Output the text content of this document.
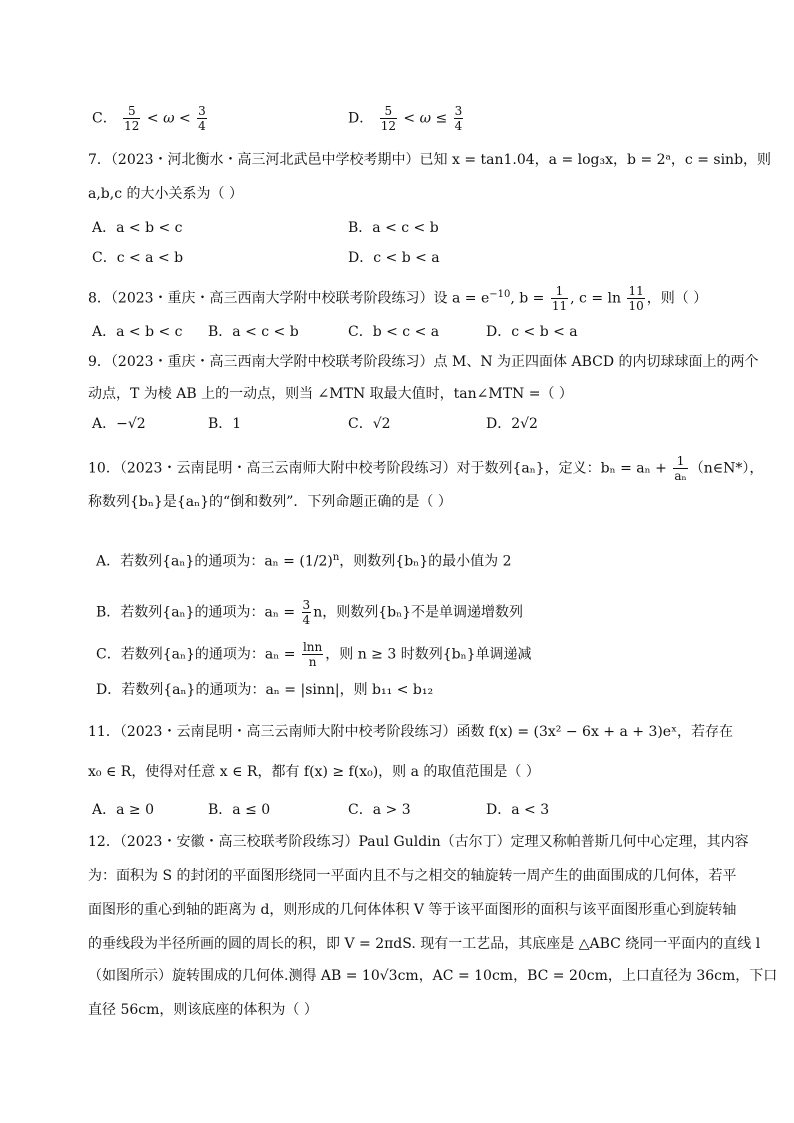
C． $\frac{5}{12} < \omega < \frac{3}{4}$	D． $\frac{5}{12} < \omega \le \frac{3}{4}$
7．（2023・河北衡水・高三河北武邑中学校考期中）已知 x = tan1.04，a = log₃x，b = 2ᵃ，c = sinb，则
a,b,c 的大小关系为（ ）
A．a < b < c	B．a < c < b
C．c < a < b	D．c < b < a
8．（2023・重庆・高三西南大学附中校联考阶段练习）设 $a = e^{-10}$, $b = \frac{1}{11}$ , $c = \ln \frac{11}{10}$ ，则（ ）
A．a < b < c B．a < c < b	C．b < c < a	D．c < b < a
9．（2023・重庆・高三西南大学附中校联考阶段练习）点 M、N 为正四面体 ABCD 的内切球球面上的两个
动点，T 为棱 AB 上的一动点，则当 ∠MTN 取最大值时，tan∠MTN =（ ）
A．−√2	B．1	C．√2	D．2√2
10．（2023・云南昆明・高三云南师大附中校考阶段练习）对于数列{aₙ}，定义：$b_n = a_n + \frac{1}{\text{aₙ}}$ （n∈N*），
称数列{bₙ}是{aₙ}的“倒和数列”．下列命题正确的是（ ）
A．若数列{aₙ}的通项为：$a_n = (1/2)^n$，则数列{bₙ}的最小值为 2
B．若数列{aₙ}的通项为：$a_n = \frac{3}{4}$ n，则数列{bₙ}不是单调递增数列
C．若数列{aₙ}的通项为：$a_n = \frac{\ln n}{n}$ ，则 n ≥ 3 时数列{bₙ}单调递减
D．若数列{aₙ}的通项为：aₙ = |sinn|，则 b₁₁ < b₁₂
11．（2023・云南昆明・高三云南师大附中校考阶段练习）函数 f(x) = (3x² − 6x + a + 3)eˣ，若存在
x₀ ∈ R，使得对任意 x ∈ R，都有 f(x) ≥ f(x₀)，则 a 的取值范围是（ ）
A．a ≥ 0	B．a ≤ 0	C．a > 3	D．a < 3
12．（2023・安徽・高三校联考阶段练习）Paul Guldin（古尔丁）定理又称帕普斯几何中心定理，其内容
为：面积为 S 的封闭的平面图形绕同一平面内且不与之相交的轴旋转一周产生的曲面围成的几何体，若平
面图形的重心到轴的距离为 d，则形成的几何体体积 V 等于该平面图形的面积与该平面图形重心到旋转轴
的垂线段为半径所画的圆的周长的积，即 V = 2πdS. 现有一工艺品，其底座是 △ABC 绕同一平面内的直线 l
（如图所示）旋转围成的几何体.测得 AB = 10√3cm，AC = 10cm，BC = 20cm，上口直径为 36cm，下口
直径 56cm，则该底座的体积为（ ）
